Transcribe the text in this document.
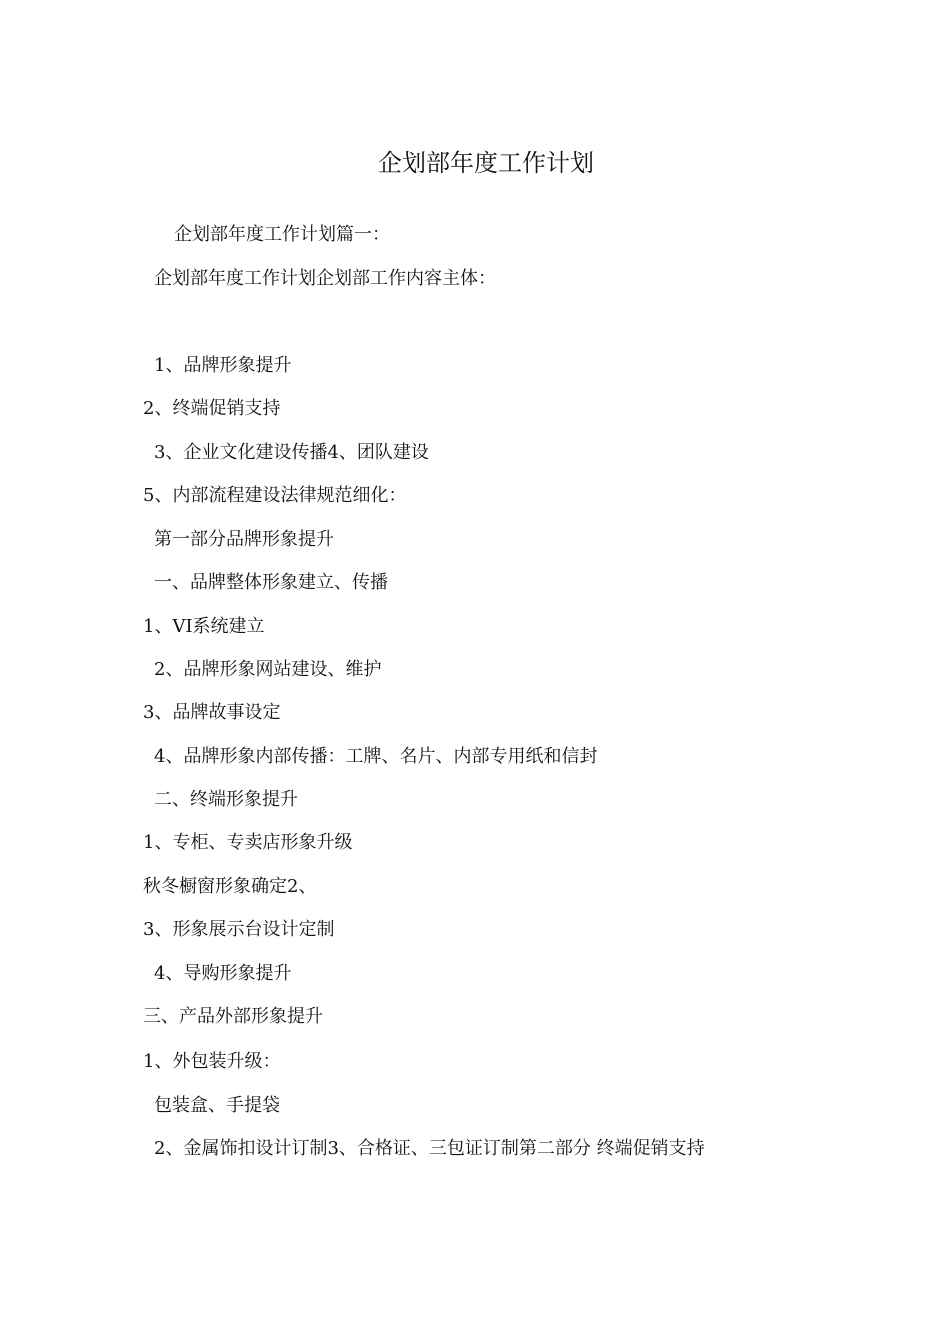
企划部年度工作计划
企划部年度工作计划篇一：
企划部年度工作计划企划部工作内容主体：
1、品牌形象提升
2、终端促销支持
3、企业文化建设传播4、团队建设
5、内部流程建设法律规范细化：
第一部分品牌形象提升
一、品牌整体形象建立、传播
1、VI系统建立
2、品牌形象网站建设、维护
3、品牌故事设定
4、品牌形象内部传播：工牌、名片、内部专用纸和信封
二、终端形象提升
1、专柜、专卖店形象升级
秋冬橱窗形象确定2、
3、形象展示台设计定制
4、导购形象提升
三、产品外部形象提升
1、外包装升级：
包装盒、手提袋
2、金属饰扣设计订制3、合格证、三包证订制第二部分 终端促销支持
